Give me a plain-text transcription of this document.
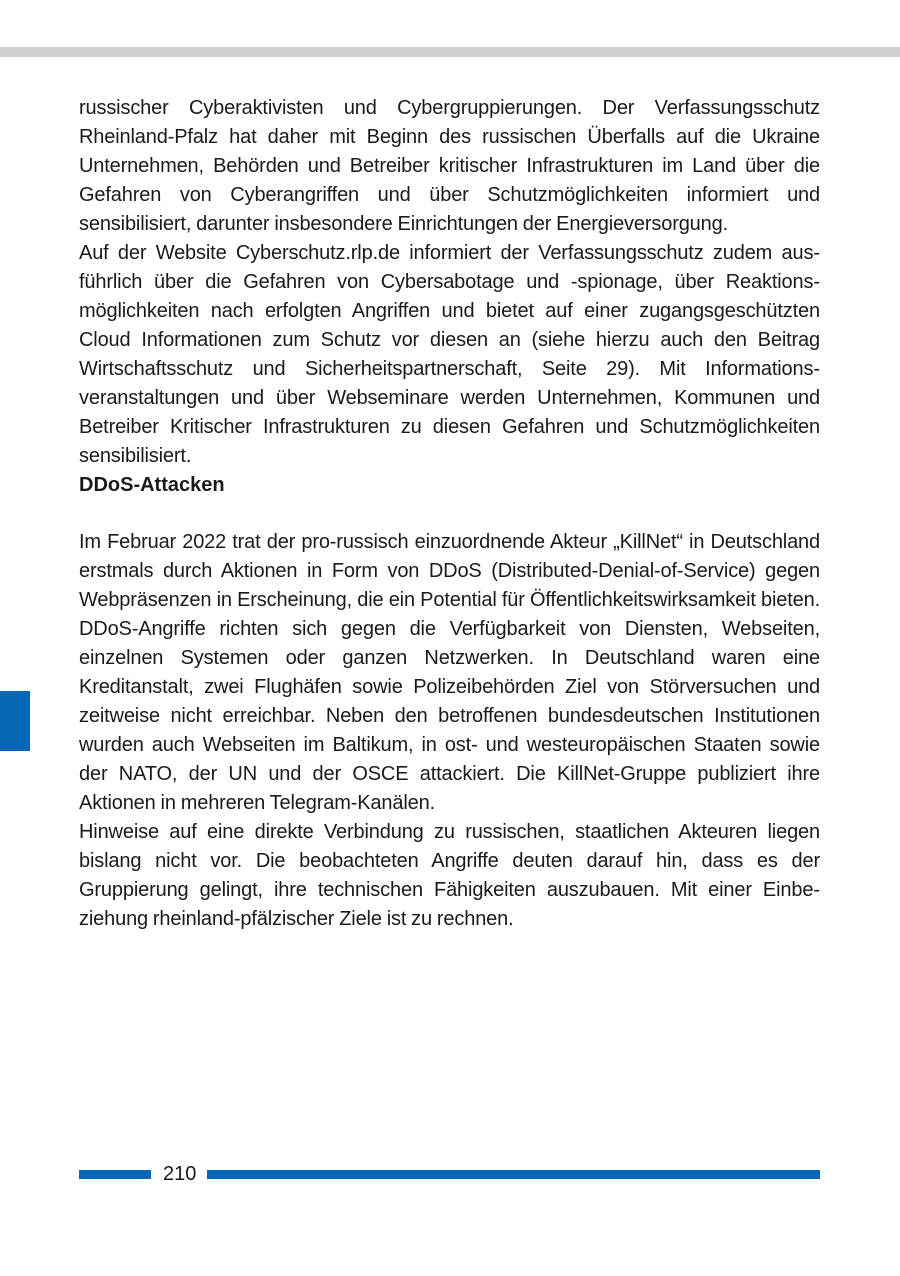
russischer Cyberaktivisten und Cybergruppierungen. Der Verfassungsschutz Rheinland-Pfalz hat daher mit Beginn des russischen Überfalls auf die Ukraine Unternehmen, Behörden und Betreiber kritischer Infrastrukturen im Land über die Gefahren von Cyberangriffen und über Schutzmöglichkeiten informiert und sensibilisiert, darunter insbesondere Einrichtungen der Energieversorgung.

Auf der Website Cyberschutz.rlp.de informiert der Verfassungsschutz zudem ausführlich über die Gefahren von Cybersabotage und -spionage, über Reaktionsmöglichkeiten nach erfolgten Angriffen und bietet auf einer zugangsgeschützten Cloud Informationen zum Schutz vor diesen an (siehe hierzu auch den Beitrag Wirtschaftsschutz und Sicherheitspartnerschaft, Seite 29). Mit Informationsveranstaltungen und über Webseminare werden Unternehmen, Kommunen und Betreiber Kritischer Infrastrukturen zu diesen Gefahren und Schutzmöglichkeiten sensibilisiert.

DDoS-Attacken

Im Februar 2022 trat der pro-russisch einzuordnende Akteur „KillNet“ in Deutschland erstmals durch Aktionen in Form von DDoS (Distributed-Denial-of-Service) gegen Webpräsenzen in Erscheinung, die ein Potential für Öffentlichkeitswirksamkeit bieten. DDoS-Angriffe richten sich gegen die Verfügbarkeit von Diensten, Webseiten, einzelnen Systemen oder ganzen Netzwerken. In Deutschland waren eine Kreditanstalt, zwei Flughäfen sowie Polizeibehörden Ziel von Störversuchen und zeitweise nicht erreichbar. Neben den betroffenen bundesdeutschen Institutionen wurden auch Webseiten im Baltikum, in ost- und westeuropäischen Staaten sowie der NATO, der UN und der OSCE attackiert. Die KillNet-Gruppe publiziert ihre Aktionen in mehreren Telegram-Kanälen.

Hinweise auf eine direkte Verbindung zu russischen, staatlichen Akteuren liegen bislang nicht vor. Die beobachteten Angriffe deuten darauf hin, dass es der Gruppierung gelingt, ihre technischen Fähigkeiten auszubauen. Mit einer Einbeziehung rheinland-pfälzischer Ziele ist zu rechnen.

210
